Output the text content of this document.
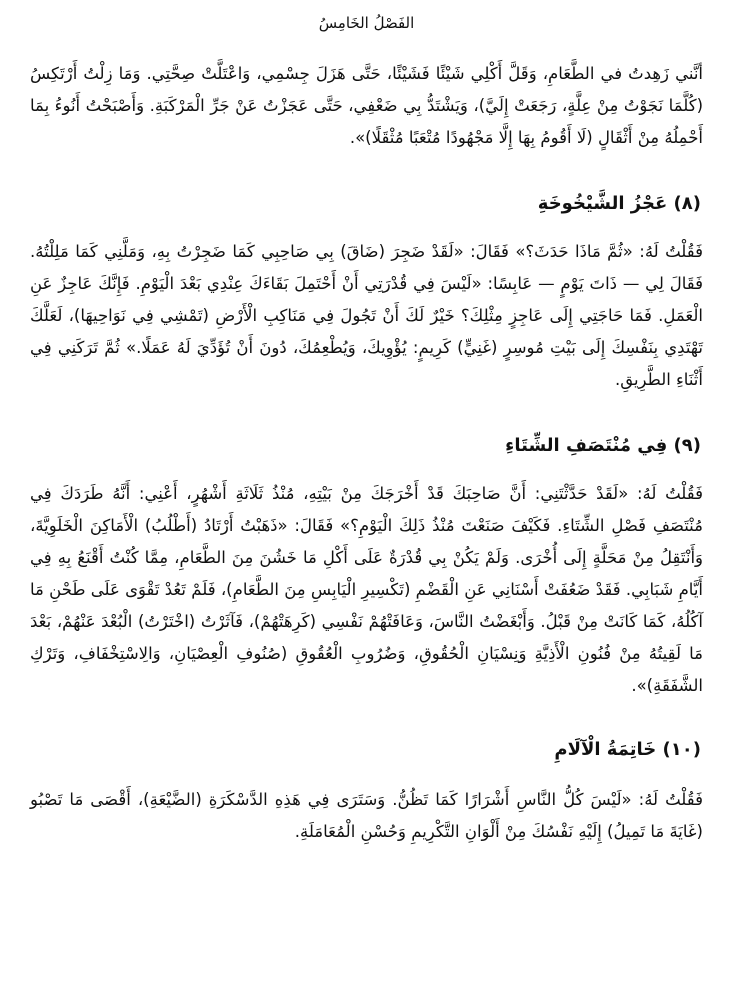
الفَصْلُ الخَامِسُ

أنَّني زَهِدتُ في الطَّعَامِ، وَقَلَّ أَكْلِي شَيْئًا فَشَيْئًا، حَتَّى هَزَلَ جِسْمِي، وَاعْتَلَّتْ صِحَّتِي. وَمَا زِلْتُ أَرْتَكِسُ (كُلَّمَا نَجَوْتُ مِنْ عِلَّةٍ، رَجَعَتْ إِلَيَّ)، وَيَشْتَدُّ بِي ضَعْفِي، حَتَّى عَجَزْتُ عَنْ جَرِّ الْمَرْكَبَةِ. وَأَصْبَحْتُ أَنُوءُ بِمَا أَحْمِلُهُ مِنْ أَثْقَالٍ (لَا أَقُومُ بِهَا إِلَّا مَجْهُودًا مُتْعَبًا مُثْقَلًا)».

(٨) عَجْزُ الشَّيْخُوخَةِ

فَقُلْتُ لَهُ: «ثُمَّ مَاذَا حَدَثَ؟» فَقَالَ: «لَقَدْ ضَجِرَ (ضَاقَ) بِي صَاحِبِي كَمَا ضَجِرْتُ بِهِ، وَمَلَّنِي كَمَا مَلِلْتُهُ. فَقَالَ لِي — ذَاتَ يَوْمٍ — عَابِسًا: «لَيْسَ فِي قُدْرَتِي أَنْ أَحْتَمِلَ بَقَاءَكَ عِنْدِي بَعْدَ الْيَوْمِ. فَإِنَّكَ عَاجِزٌ عَنِ الْعَمَلِ. فَمَا حَاجَتِي إِلَى عَاجِزٍ مِثْلِكَ؟ خَيْرٌ لَكَ أَنْ تَجُولَ فِي مَنَاكِبِ الْأَرْضِ (تَمْشِي فِي نَوَاحِيهَا)، لَعَلَّكَ تَهْتَدِي بِنَفْسِكَ إِلَى بَيْتِ مُوسِرٍ (غَنِيٍّ) كَرِيمٍ: يُؤْوِيكَ، وَيُطْعِمُكَ، دُونَ أَنْ تُؤَدِّيَ لَهُ عَمَلًا.» ثُمَّ تَرَكَنِي فِي أَثْنَاءِ الطَّرِيقِ.

(٩) فِي مُنْتَصَفِ الشِّتَاءِ

فَقُلْتُ لَهُ: «لَقَدْ حَدَّثْتَنِي: أَنَّ صَاحِبَكَ قَدْ أَخْرَجَكَ مِنْ بَيْتِهِ، مُنْذُ ثَلَاثَةِ أَشْهُرٍ، أَعْنِي: أَنَّهُ طَرَدَكَ فِي مُنْتَصَفِ فَصْلِ الشِّتَاءِ. فَكَيْفَ صَنَعْتَ مُنْذُ ذَلِكَ الْيَوْمِ؟» فَقَالَ: «ذَهَبْتُ أَرْتَادُ (أَطْلُبُ) الْأَمَاكِنَ الْخَلَوِيَّةَ، وَأَنْتَقِلُ مِنْ مَحَلَّةٍ إِلَى أُخْرَى. وَلَمْ يَكُنْ بِي قُدْرَةٌ عَلَى أَكْلِ مَا خَشُنَ مِنَ الطَّعَامِ، مِمَّا كُنْتُ أَقْنَعُ بِهِ فِي أَيَّامِ شَبَابِي. فَقَدْ ضَعُفَتْ أَسْنَانِي عَنِ الْقَضْمِ (تَكْسِيرِ الْيَابِسِ مِنَ الطَّعَامِ)، فَلَمْ تَعُدْ تَقْوَى عَلَى طَحْنِ مَا آكُلُهُ، كَمَا كَانَتْ مِنْ قَبْلُ. وَأَبْغَضْتُ النَّاسَ، وَعَافَتْهُمْ نَفْسِي (كَرِهَتْهُمْ)، فَآثَرْتُ (اخْتَرْتُ) الْبُعْدَ عَنْهُمْ، بَعْدَ مَا لَقِيتُهُ مِنْ فُنُونِ الْأَذِيَّةِ وَنِسْيَانِ الْحُقُوقِ، وَضُرُوبِ الْعُقُوقِ (صُنُوفِ الْعِصْيَانِ، وَالِاسْتِخْفَافِ، وَتَرْكِ الشَّفَقَةِ)».

(١٠) خَاتِمَةُ الْآلَامِ

فَقُلْتُ لَهُ: «لَيْسَ كُلُّ النَّاسِ أَشْرَارًا كَمَا تَظُنُّ. وَسَتَرَى فِي هَذِهِ الدَّسْكَرَةِ (الضَّيْعَةِ)، أَقْصَى مَا تَصْبُو (غَايَةَ مَا تَمِيلُ) إِلَيْهِ نَفْسُكَ مِنْ أَلْوَانِ التَّكْرِيمِ وَحُسْنِ الْمُعَامَلَةِ.
